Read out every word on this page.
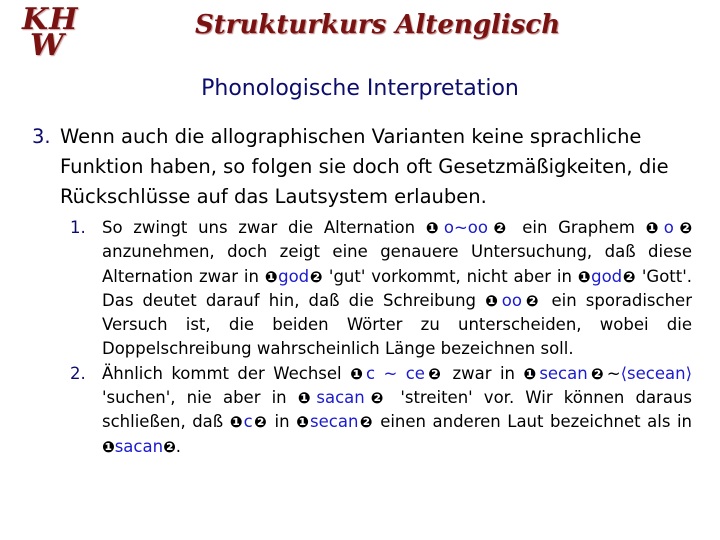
KH
W
Strukturkurs Altenglisch
Phonologische Interpretation
3. Wenn auch die allographischen Varianten keine sprachliche Funktion haben, so folgen sie doch oft Gesetzmäßigkeiten, die Rückschlüsse auf das Lautsystem erlauben.
1. So zwingt uns zwar die Alternation ❶o~oo❷ ein Graphem ❶o❷ anzunehmen, doch zeigt eine genauere Untersuchung, daß diese Alternation zwar in ❶god❷ 'gut' vorkommt, nicht aber in ❶god❷ 'Gott'. Das deutet darauf hin, daß die Schreibung ❶oo❷ ein sporadischer Versuch ist, die beiden Wörter zu unterscheiden, wobei die Doppelschreibung wahrscheinlich Länge bezeichnen soll.
2. Ähnlich kommt der Wechsel ❶c ~ ce❷ zwar in ❶secan❷~⟨secean⟩ 'suchen', nie aber in ❶sacan❷ 'streiten' vor. Wir können daraus schließen, daß ❶c❷ in ❶secan❷ einen anderen Laut bezeichnet als in ❶sacan❷.
